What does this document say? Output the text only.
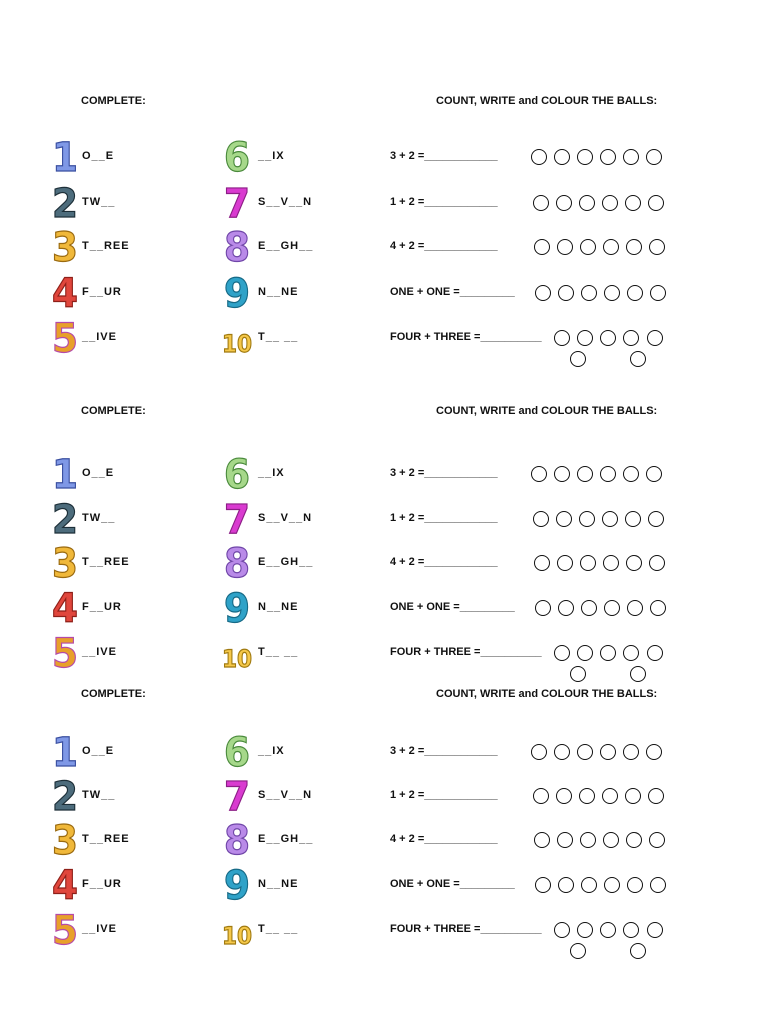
COMPLETE:	COUNT, WRITE and COLOUR THE BALLS:
1 O__E	6 __IX	3 + 2 =____________
2 TW__	7 S__V__N	1 + 2 =____________
3 T__REE 8 E__GH__	4 + 2 =____________
4 F__UR	9 N__NE	ONE + ONE =_________
5 __IVE	10 T__ __	FOUR + THREE =__________
COMPLETE:	COUNT, WRITE and COLOUR THE BALLS:
1 O__E	6 __IX	3 + 2 =____________
2 TW__	7 S__V__N	1 + 2 =____________
3 T__REE 8 E__GH__	4 + 2 =____________
4 F__UR	9 N__NE	ONE + ONE =_________
5 __IVE	10 T__ __	FOUR + THREE =__________
COMPLETE:	COUNT, WRITE and COLOUR THE BALLS:
1 O__E	6 __IX	3 + 2 =____________
2 TW__	7 S__V__N	1 + 2 =____________
3 T__REE 8 E__GH__	4 + 2 =____________
4 F__UR	9 N__NE	ONE + ONE =_________
5 __IVE	10 T__ __	FOUR + THREE =__________
